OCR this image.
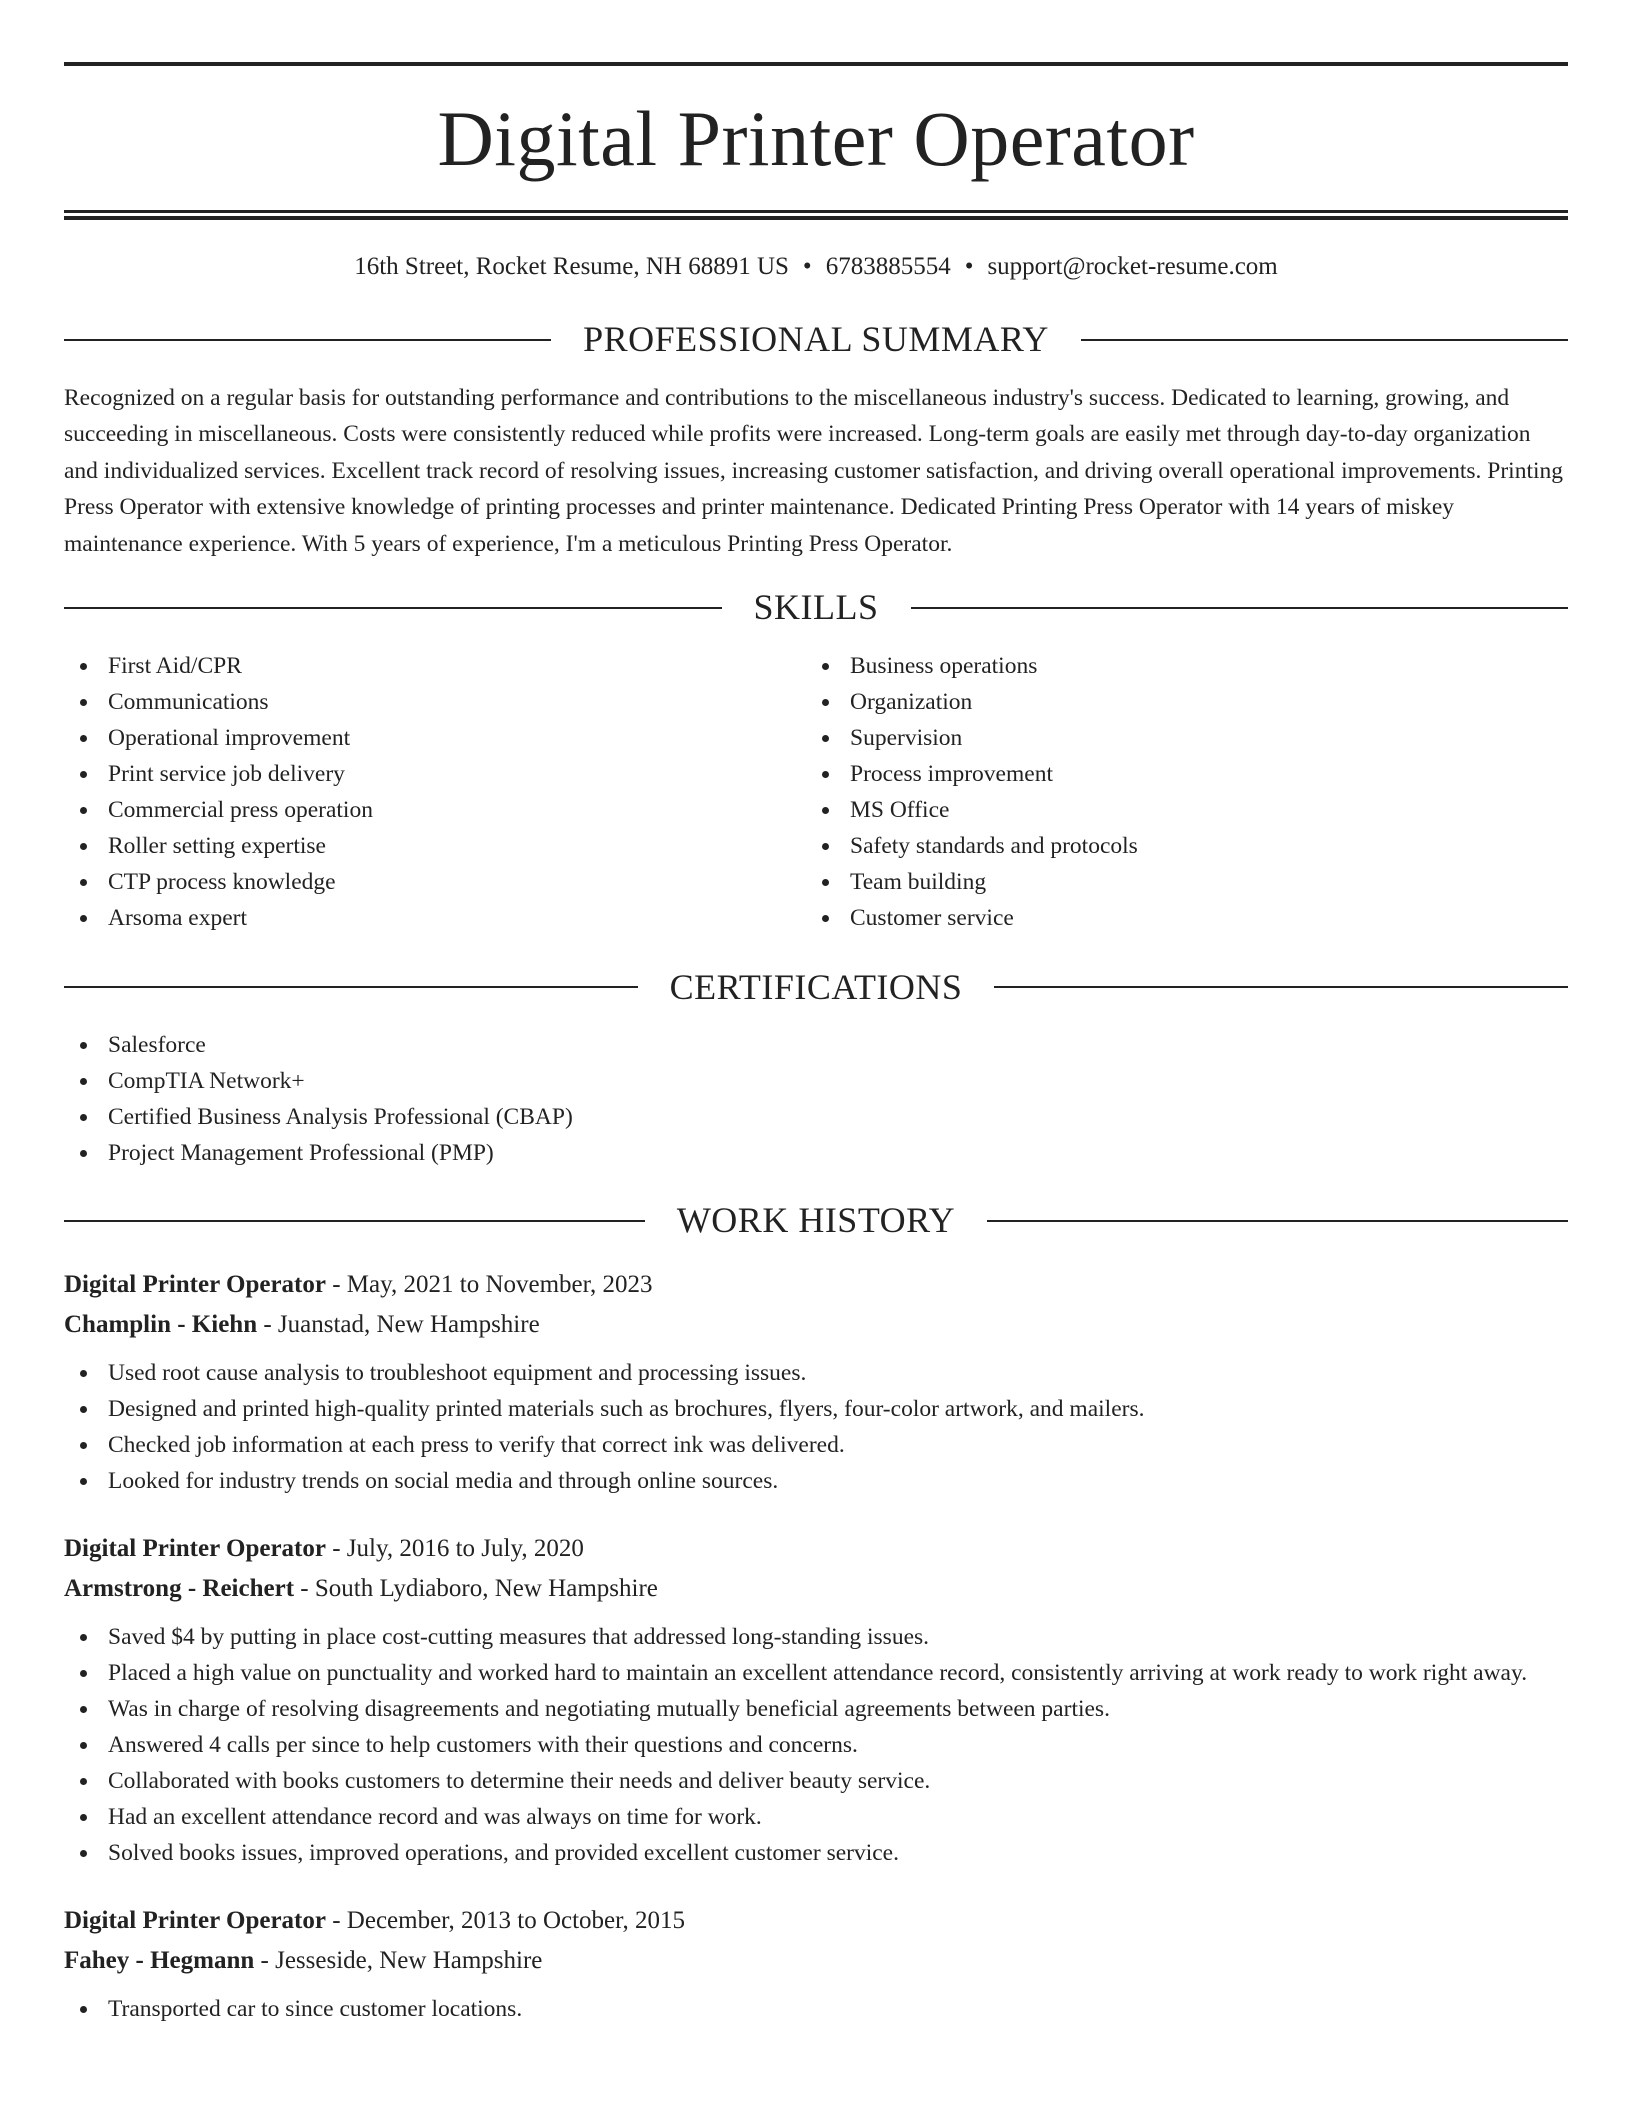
Digital Printer Operator
16th Street, Rocket Resume, NH 68891 US • 6783885554 • support@rocket-resume.com
PROFESSIONAL SUMMARY

Recognized on a regular basis for outstanding performance and contributions to the miscellaneous industry's success. Dedicated to learning, growing, and succeeding in miscellaneous. Costs were consistently reduced while profits were increased. Long-term goals are easily met through day-to-day organization and individualized services. Excellent track record of resolving issues, increasing customer satisfaction, and driving overall operational improvements. Printing Press Operator with extensive knowledge of printing processes and printer maintenance. Dedicated Printing Press Operator with 14 years of miskey maintenance experience. With 5 years of experience, I'm a meticulous Printing Press Operator.

SKILLS
First Aid/CPR
Communications
Operational improvement
Print service job delivery
Commercial press operation
Roller setting expertise
CTP process knowledge
Arsoma expert
Business operations
Organization
Supervision
Process improvement
MS Office
Safety standards and protocols
Team building
Customer service
CERTIFICATIONS
Salesforce
CompTIA Network+
Certified Business Analysis Professional (CBAP)
Project Management Professional (PMP)
WORK HISTORY
Digital Printer Operator - May, 2021 to November, 2023
Champlin - Kiehn - Juanstad, New Hampshire
Used root cause analysis to troubleshoot equipment and processing issues.
Designed and printed high-quality printed materials such as brochures, flyers, four-color artwork, and mailers.
Checked job information at each press to verify that correct ink was delivered.
Looked for industry trends on social media and through online sources.
Digital Printer Operator - July, 2016 to July, 2020
Armstrong - Reichert - South Lydiaboro, New Hampshire
Saved $4 by putting in place cost-cutting measures that addressed long-standing issues.
Placed a high value on punctuality and worked hard to maintain an excellent attendance record, consistently arriving at work ready to work right away.
Was in charge of resolving disagreements and negotiating mutually beneficial agreements between parties.
Answered 4 calls per since to help customers with their questions and concerns.
Collaborated with books customers to determine their needs and deliver beauty service.
Had an excellent attendance record and was always on time for work.
Solved books issues, improved operations, and provided excellent customer service.
Digital Printer Operator - December, 2013 to October, 2015
Fahey - Hegmann - Jesseside, New Hampshire
Transported car to since customer locations.
